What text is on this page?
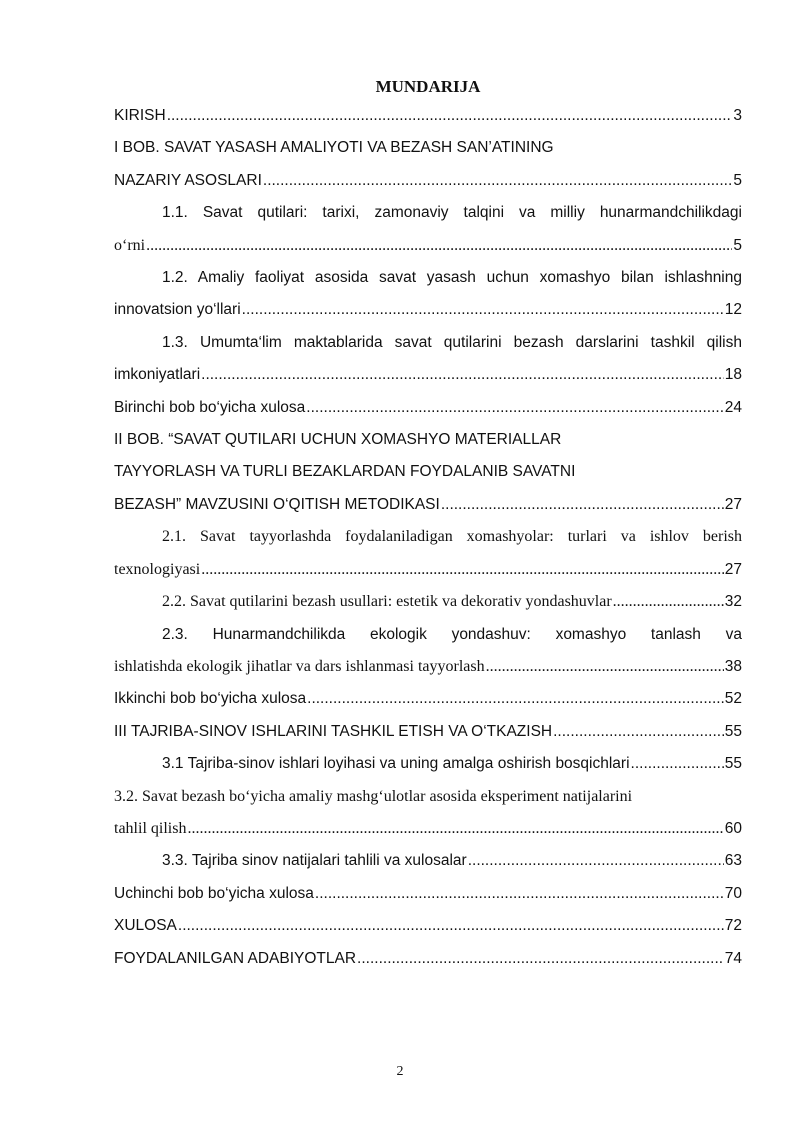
MUNDARIJA
KIRISH .....	3
I BOB. SAVAT YASASH AMALIYOTI VA BEZASH SAN’ATINING
NAZARIY ASOSLARI .....	5
1.1. Savat qutilari: tarixi, zamonaviy talqini va milliy hunarmandchilikdagi
o‘rni .....	5
1.2. Amaliy faoliyat asosida savat yasash uchun xomashyo bilan ishlashning
innovatsion yo‘llari .....	12
1.3. Umumta‘lim maktablarida savat qutilarini bezash darslarini tashkil qilish
imkoniyatlari .....	18
Birinchi bob bo‘yicha xulosa .....	24
II BOB. “SAVAT QUTILARI UCHUN XOMASHYO MATERIALLAR
TAYYORLASH VA TURLI BEZAKLARDAN FOYDALANIB SAVATNI
BEZASH” MAVZUSINI O‘QITISH METODIKASI .....	27
2.1. Savat tayyorlashda foydalaniladigan xomashyolar: turlari va ishlov berish
texnologiyasi .....	27
2.2. Savat qutilarini bezash usullari: estetik va dekorativ yondashuvlar .....	32
2.3. Hunarmandchilikda ekologik yondashuv: xomashyo tanlash va
ishlatishda ekologik jihatlar va dars ishlanmasi tayyorlash .....	38
Ikkinchi bob bo‘yicha xulosa .....	52
III TAJRIBA-SINOV ISHLARINI TASHKIL ETISH VA O‘TKAZISH .....	55
3.1 Tajriba-sinov ishlari loyihasi va uning amalga oshirish bosqichlari .....	55
3.2. Savat bezash bo‘yicha amaliy mashg‘ulotlar asosida eksperiment natijalarini
tahlil qilish .....	60
3.3. Tajriba sinov natijalari tahlili va xulosalar .....	63
Uchinchi bob bo‘yicha xulosa .....	70
XULOSA .....	72
FOYDALANILGAN ADABIYOTLAR .....	74
2
